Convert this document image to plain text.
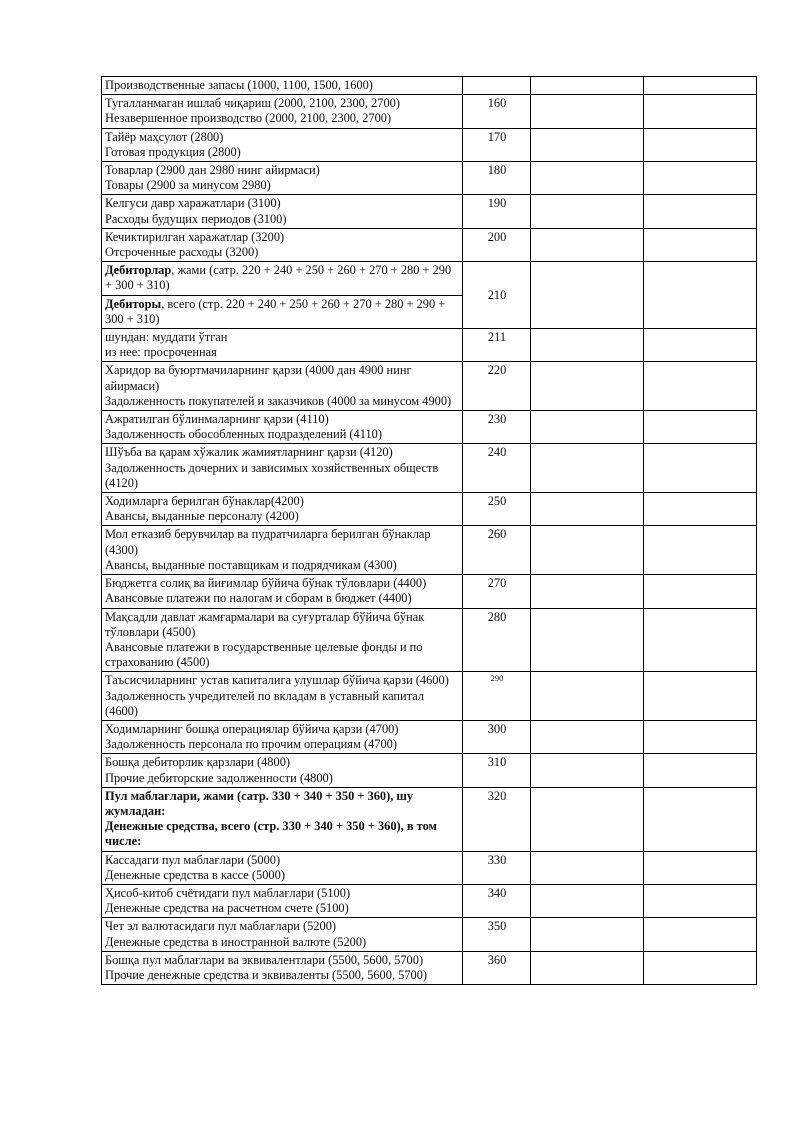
Производственные запасы (1000, 1100, 1500, 1600)			

Тугалланмаган ишлаб чиқариш (2000, 2100, 2300, 2700)
Незавершенное производство (2000, 2100, 2300, 2700)	160		

Тайёр маҳсулот (2800)
Готовая продукция (2800)	170		

Товарлар (2900 дан 2980 нинг айирмаси)
Товары (2900 за минусом 2980)	180		

Келгуси давр харажатлари (3100)
Расходы будущих периодов (3100)	190		

Кечиктирилган харажатлар (3200)
Отсроченные расходы (3200)	200		
Дебиторлар, жами (сатр. 220 + 240 + 250 + 260 + 270 + 280 + 290 + 300 + 310)	210		
Дебиторы, всего (стр. 220 + 240 + 250 + 260 + 270 + 280 + 290 + 300 + 310)			

шундан: муддати ўтган
из нее: просроченная	211		

Харидор ва буюртмачиларнинг қарзи (4000 дан 4900 нинг айирмаси)
Задолженность покупателей и заказчиков (4000 за минусом 4900)	220		

Ажратилган бўлинмаларнинг қарзи (4110)
Задолженность обособленных подразделений (4110)	230		

Шўъба ва қарам хўжалик жамиятларнинг қарзи (4120)
Задолженность дочерних и зависимых хозяйственных обществ (4120)	240		

Ходимларга берилган бўнаклар(4200)
Авансы, выданные персоналу (4200)	250		

Мол етказиб берувчилар ва пудратчиларга берилган бўнаклар (4300)
Авансы, выданные поставщикам и подрядчикам (4300)	260		

Бюджетга солиқ ва йиғимлар бўйича бўнак тўловлари (4400)
Авансовые платежи по налогам и сборам в бюджет (4400)	270		

Мақсадли давлат жамғармалари ва суғурталар бўйича бўнак тўловлари (4500)
Авансовые платежи в государственные целевые фонды и по страхованию (4500)	280		

Таъсисчиларнинг устав капиталига улушлар бўйича қарзи (4600)
Задолженность учредителей по вкладам в уставный капитал (4600)	290		

Ходимларнинг бошқа операциялар бўйича қарзи (4700)
Задолженность персонала по прочим операциям (4700)	300		

Бошқа дебиторлик қарзлари (4800)
Прочие дебиторские задолженности (4800)	310		

Пул маблағлари, жами (сатр. 330 + 340 + 350 + 360), шу жумладан:
Денежные средства, всего (стр. 330 + 340 + 350 + 360), в том числе:	320		

Кассадаги пул маблағлари (5000)
Денежные средства в кассе (5000)	330		

Ҳисоб-китоб счётидаги пул маблағлари (5100)
Денежные средства на расчетном счете (5100)	340		

Чет эл валютасидаги пул маблағлари (5200)
Денежные средства в иностранной валюте (5200)	350		

Бошқа пул маблағлари ва эквивалентлари (5500, 5600, 5700)
Прочие денежные средства и эквиваленты (5500, 5600, 5700)	360		
